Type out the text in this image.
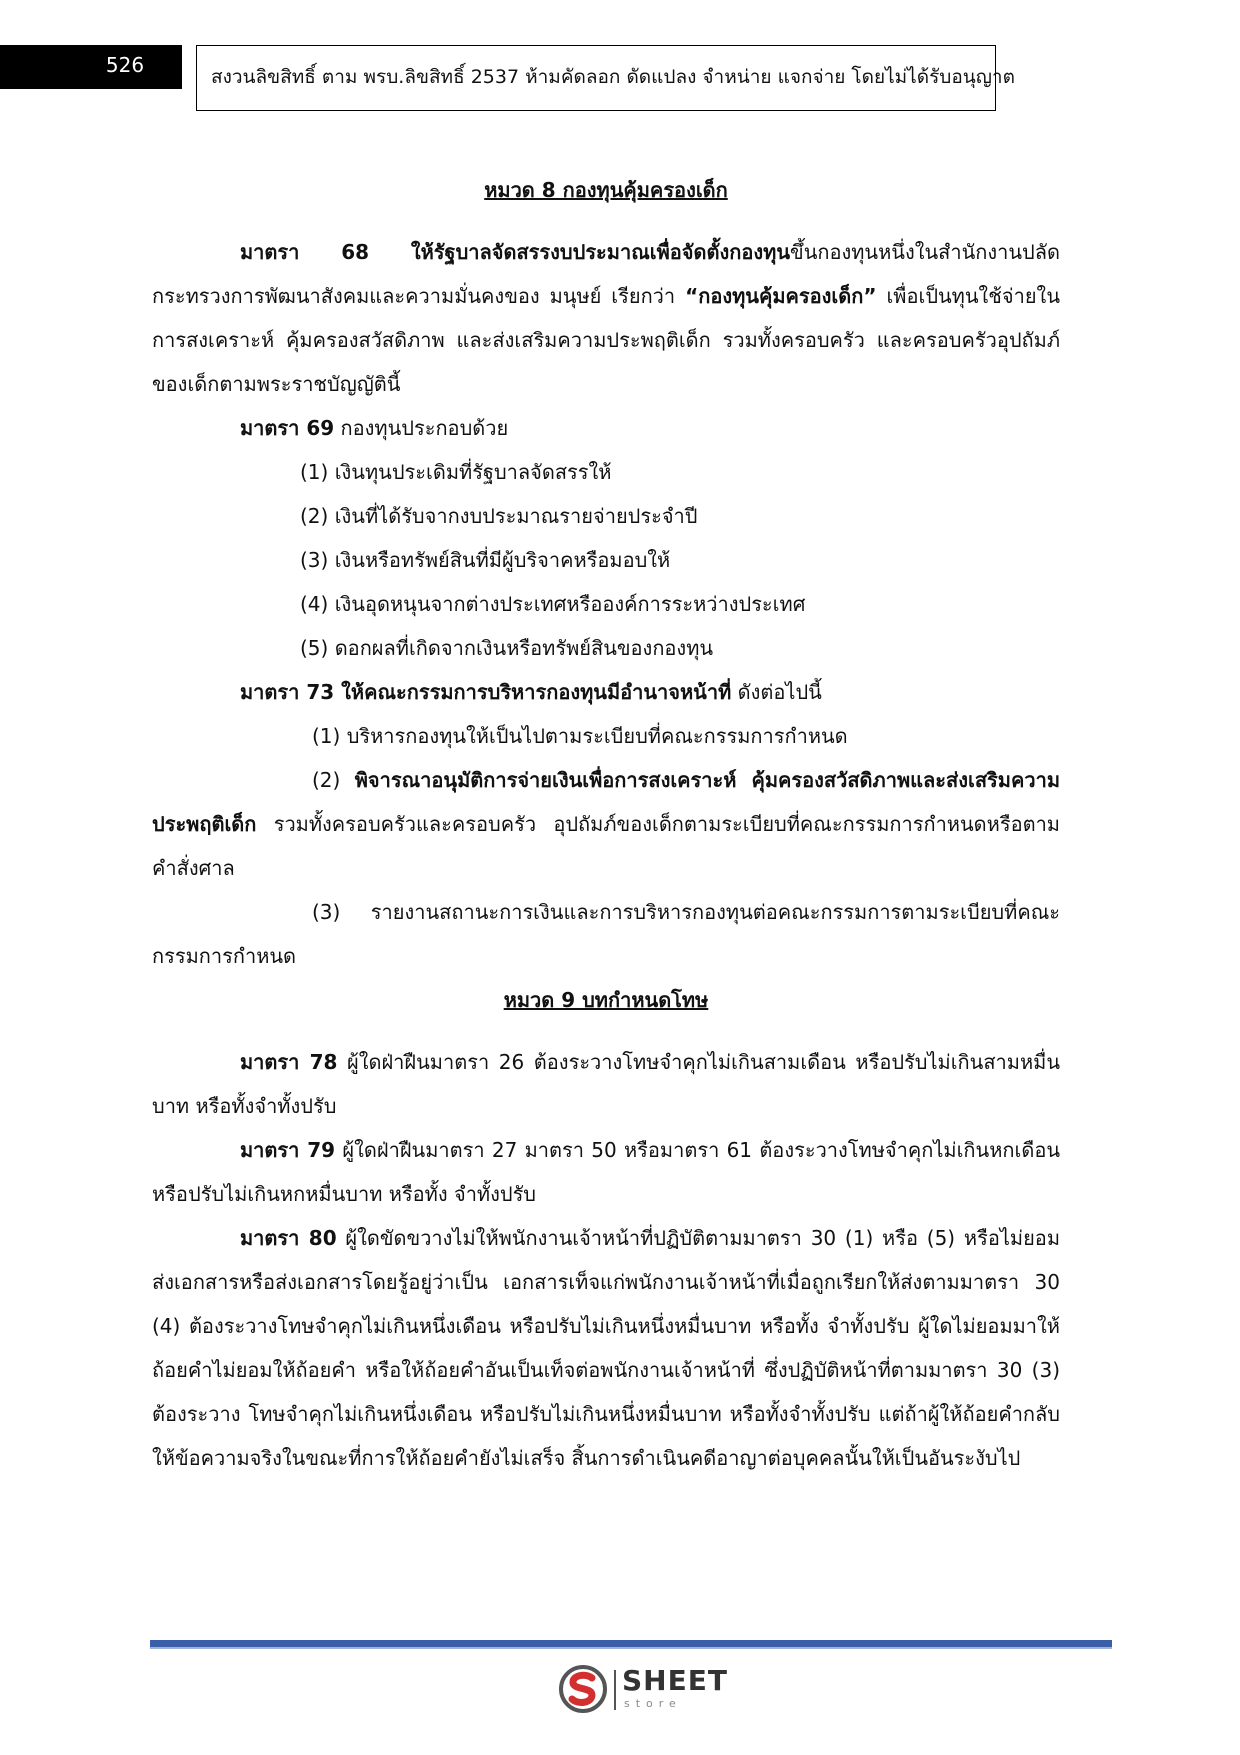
526	สงวนลิขสิทธิ์ ตาม พรบ.ลิขสิทธิ์ 2537 ห้ามคัดลอก ดัดแปลง จำหน่าย แจกจ่าย โดยไม่ได้รับอนุญาต
หมวด 8 กองทุนคุ้มครองเด็ก

มาตรา 68 ให้รัฐบาลจัดสรรงบประมาณเพื่อจัดตั้งกองทุนขึ้นกองทุนหนึ่งในสำนักงานปลัดกระทรวงการพัฒนาสังคมและความมั่นคงของ มนุษย์ เรียกว่า “กองทุนคุ้มครองเด็ก” เพื่อเป็นทุนใช้จ่ายในการสงเคราะห์ คุ้มครองสวัสดิภาพ และส่งเสริมความประพฤติเด็ก รวมทั้งครอบครัว และครอบครัวอุปถัมภ์ของเด็กตามพระราชบัญญัตินี้

มาตรา 69 กองทุนประกอบด้วย

(1) เงินทุนประเดิมที่รัฐบาลจัดสรรให้

(2) เงินที่ได้รับจากงบประมาณรายจ่ายประจำปี

(3) เงินหรือทรัพย์สินที่มีผู้บริจาคหรือมอบให้

(4) เงินอุดหนุนจากต่างประเทศหรือองค์การระหว่างประเทศ

(5) ดอกผลที่เกิดจากเงินหรือทรัพย์สินของกองทุน

มาตรา 73 ให้คณะกรรมการบริหารกองทุนมีอำนาจหน้าที่ ดังต่อไปนี้

(1) บริหารกองทุนให้เป็นไปตามระเบียบที่คณะกรรมการกำหนด

(2) พิจารณาอนุมัติการจ่ายเงินเพื่อการสงเคราะห์ คุ้มครองสวัสดิภาพและส่งเสริมความประพฤติเด็ก รวมทั้งครอบครัวและครอบครัว อุปถัมภ์ของเด็กตามระเบียบที่คณะกรรมการกำหนดหรือตามคำสั่งศาล

(3) รายงานสถานะการเงินและการบริหารกองทุนต่อคณะกรรมการตามระเบียบที่คณะกรรมการกำหนด

หมวด 9 บทกำหนดโทษ

มาตรา 78 ผู้ใดฝ่าฝืนมาตรา 26 ต้องระวางโทษจำคุกไม่เกินสามเดือน หรือปรับไม่เกินสามหมื่นบาท หรือทั้งจำทั้งปรับ

มาตรา 79 ผู้ใดฝ่าฝืนมาตรา 27 มาตรา 50 หรือมาตรา 61 ต้องระวางโทษจำคุกไม่เกินหกเดือน หรือปรับไม่เกินหกหมื่นบาท หรือทั้ง จำทั้งปรับ

มาตรา 80 ผู้ใดขัดขวางไม่ให้พนักงานเจ้าหน้าที่ปฏิบัติตามมาตรา 30 (1) หรือ (5) หรือไม่ยอมส่งเอกสารหรือส่งเอกสารโดยรู้อยู่ว่าเป็น เอกสารเท็จแก่พนักงานเจ้าหน้าที่เมื่อถูกเรียกให้ส่งตามมาตรา 30 (4) ต้องระวางโทษจำคุกไม่เกินหนึ่งเดือน หรือปรับไม่เกินหนึ่งหมื่นบาท หรือทั้ง จำทั้งปรับ ผู้ใดไม่ยอมมาให้ถ้อยคำไม่ยอมให้ถ้อยคำ หรือให้ถ้อยคำอันเป็นเท็จต่อพนักงานเจ้าหน้าที่ ซึ่งปฏิบัติหน้าที่ตามมาตรา 30 (3) ต้องระวาง โทษจำคุกไม่เกินหนึ่งเดือน หรือปรับไม่เกินหนึ่งหมื่นบาท หรือทั้งจำทั้งปรับ แต่ถ้าผู้ให้ถ้อยคำกลับให้ข้อความจริงในขณะที่การให้ถ้อยคำยังไม่เสร็จ สิ้นการดำเนินคดีอาญาต่อบุคคลนั้นให้เป็นอันระงับไป

SHEET
store
